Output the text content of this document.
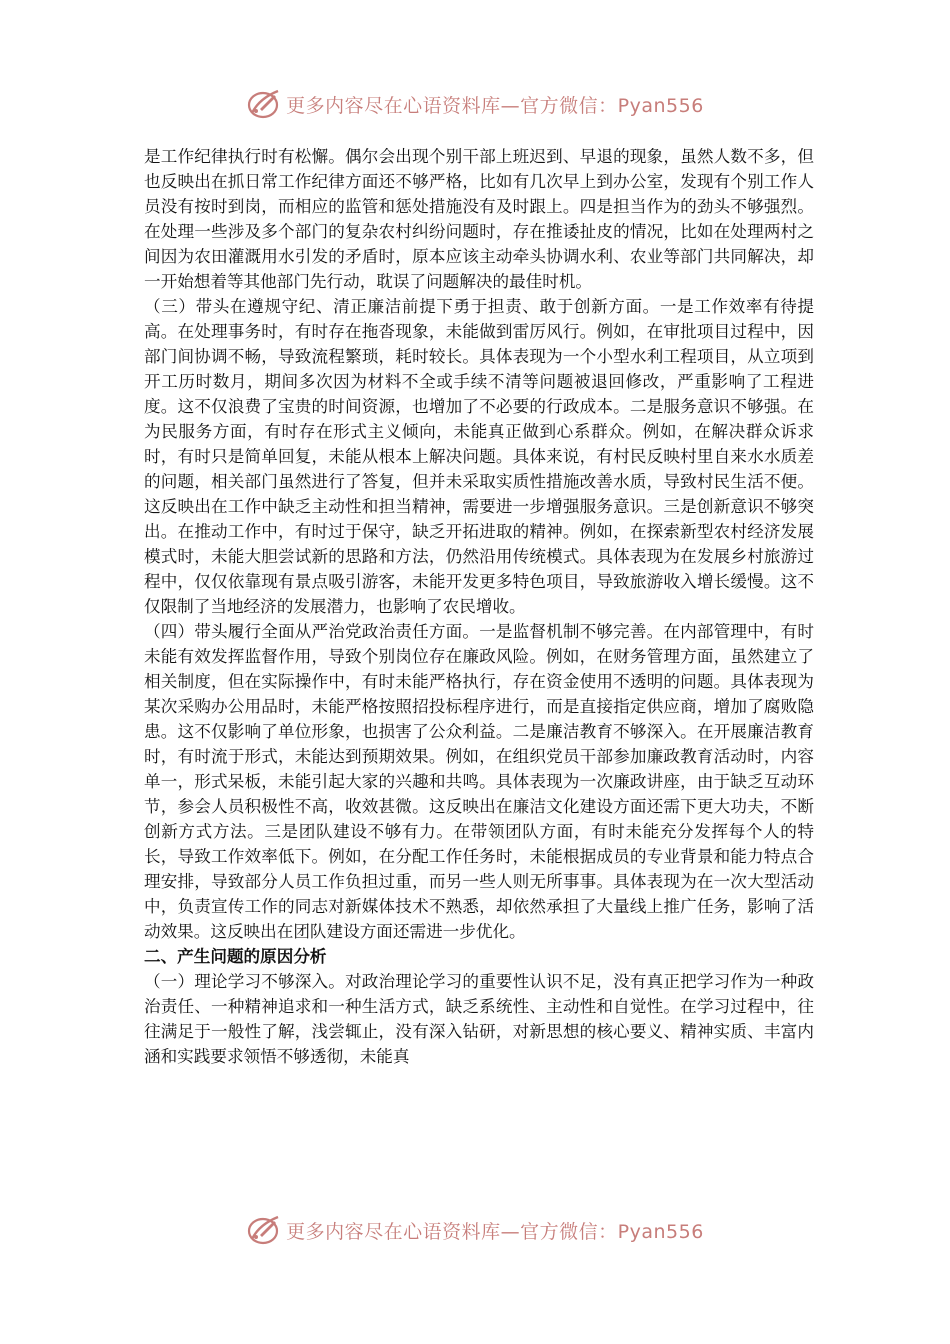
更多内容尽在心语资料库—官方微信：Pyan556

是工作纪律执行时有松懈。偶尔会出现个别干部上班迟到、早退的现象，虽然人数不多，但也反映出在抓日常工作纪律方面还不够严格，比如有几次早上到办公室，发现有个别工作人员没有按时到岗，而相应的监管和惩处措施没有及时跟上。四是担当作为的劲头不够强烈。在处理一些涉及多个部门的复杂农村纠纷问题时，存在推诿扯皮的情况，比如在处理两村之间因为农田灌溉用水引发的矛盾时，原本应该主动牵头协调水利、农业等部门共同解决，却一开始想着等其他部门先行动，耽误了问题解决的最佳时机。

（三）带头在遵规守纪、清正廉洁前提下勇于担责、敢于创新方面。一是工作效率有待提高。在处理事务时，有时存在拖沓现象，未能做到雷厉风行。例如，在审批项目过程中，因部门间协调不畅，导致流程繁琐，耗时较长。具体表现为一个小型水利工程项目，从立项到开工历时数月，期间多次因为材料不全或手续不清等问题被退回修改，严重影响了工程进度。这不仅浪费了宝贵的时间资源，也增加了不必要的行政成本。二是服务意识不够强。在为民服务方面，有时存在形式主义倾向，未能真正做到心系群众。例如，在解决群众诉求时，有时只是简单回复，未能从根本上解决问题。具体来说，有村民反映村里自来水水质差的问题，相关部门虽然进行了答复，但并未采取实质性措施改善水质，导致村民生活不便。这反映出在工作中缺乏主动性和担当精神，需要进一步增强服务意识。三是创新意识不够突出。在推动工作中，有时过于保守，缺乏开拓进取的精神。例如，在探索新型农村经济发展模式时，未能大胆尝试新的思路和方法，仍然沿用传统模式。具体表现为在发展乡村旅游过程中，仅仅依靠现有景点吸引游客，未能开发更多特色项目，导致旅游收入增长缓慢。这不仅限制了当地经济的发展潜力，也影响了农民增收。

（四）带头履行全面从严治党政治责任方面。一是监督机制不够完善。在内部管理中，有时未能有效发挥监督作用，导致个别岗位存在廉政风险。例如，在财务管理方面，虽然建立了相关制度，但在实际操作中，有时未能严格执行，存在资金使用不透明的问题。具体表现为某次采购办公用品时，未能严格按照招投标程序进行，而是直接指定供应商，增加了腐败隐患。这不仅影响了单位形象，也损害了公众利益。二是廉洁教育不够深入。在开展廉洁教育时，有时流于形式，未能达到预期效果。例如，在组织党员干部参加廉政教育活动时，内容单一，形式呆板，未能引起大家的兴趣和共鸣。具体表现为一次廉政讲座，由于缺乏互动环节，参会人员积极性不高，收效甚微。这反映出在廉洁文化建设方面还需下更大功夫，不断创新方式方法。三是团队建设不够有力。在带领团队方面，有时未能充分发挥每个人的特长，导致工作效率低下。例如，在分配工作任务时，未能根据成员的专业背景和能力特点合理安排，导致部分人员工作负担过重，而另一些人则无所事事。具体表现为在一次大型活动中，负责宣传工作的同志对新媒体技术不熟悉，却依然承担了大量线上推广任务，影响了活动效果。这反映出在团队建设方面还需进一步优化。

二、产生问题的原因分析

（一）理论学习不够深入。对政治理论学习的重要性认识不足，没有真正把学习作为一种政治责任、一种精神追求和一种生活方式，缺乏系统性、主动性和自觉性。在学习过程中，往往满足于一般性了解，浅尝辄止，没有深入钻研，对新思想的核心要义、精神实质、丰富内涵和实践要求领悟不够透彻，未能真

更多内容尽在心语资料库—官方微信：Pyan556
